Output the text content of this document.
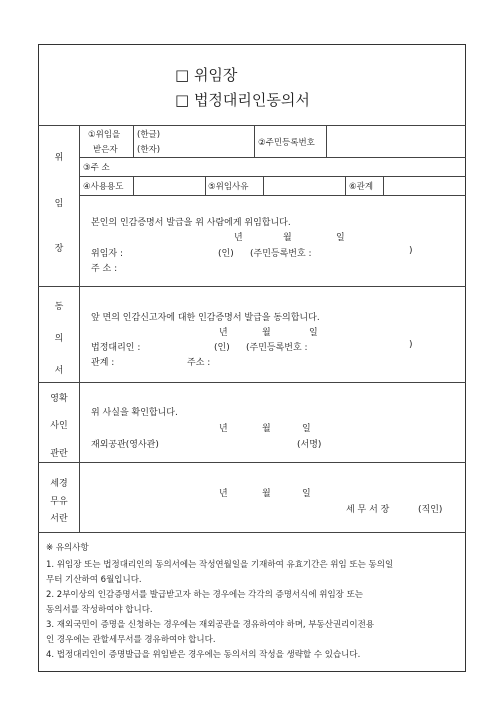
□ 위임장
□ 법정대리인동의서
위
임
장
①위임을
받은자
(한글)
(한자)
②주민등록번호
③주 소
④사용용도	⑤위임사유	⑥관계
본인의 인감증명서 발급을 위 사람에게 위임합니다.
년	월	일
위임자 :	(인) (주민등록번호 :	)
주 소 :
동
의
서
앞 면의 인감신고자에 대한 인감증명서 발급을 동의합니다.
년	월	일
법정대리인 :	(인) (주민등록번호 :	)
관계 :	주소 :
영확
사인
관란
위 사실을 확인합니다.
년	월	일
재외공관(영사관)	(서명)
세경
무유
서란
년	월	일
세 무 서 장	(직인)
※ 유의사항
1. 위임장 또는 법정대리인의 동의서에는 작성연월일을 기재하여 유효기간은 위임 또는 동의일
무터 기산하여 6월입니다.
2. 2부이상의 인감증명서를 발급받고자 하는 경우에는 각각의 증명서식에 위임장 또는
동의서를 작성하여야 합니다.
3. 재외국민이 증명을 신청하는 경우에는 재외공관을 경유하여야 하며, 부동산권리이전용
인 경우에는 관할세무서를 경유하여야 합니다.
4. 법정대리인이 증명발급을 위임받은 경우에는 동의서의 작성을 생략할 수 있습니다.
